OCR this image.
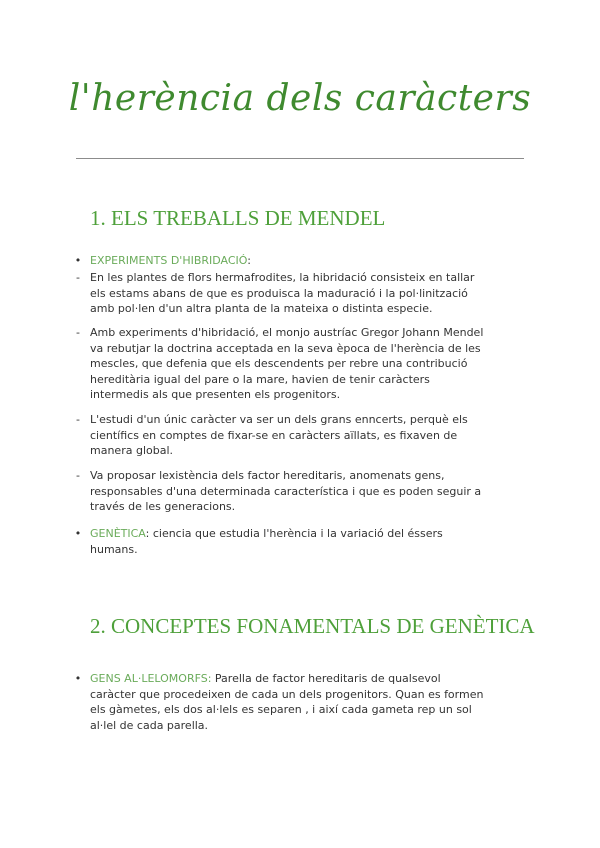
l'herència dels caràcters
1. ELS TREBALLS DE MENDEL
• EXPERIMENTS D'HIBRIDACIÓ:
- En les plantes de flors hermafrodites, la hibridació consisteix en tallar
els estams abans de que es produisca la maduració i la pol·linització
amb pol·len d'un altra planta de la mateixa o distinta especie.
- Amb experiments d'hibridació, el monjo austríac Gregor Johann Mendel
va rebutjar la doctrina acceptada en la seva època de l'herència de les
mescles, que defenia que els descendents per rebre una contribució
hereditària igual del pare o la mare, havien de tenir caràcters
intermedis als que presenten els progenitors.
- L'estudi d'un únic caràcter va ser un dels grans enncerts, perquè els
científics en comptes de fixar-se en caràcters aïllats, es fixaven de
manera global.
- Va proposar lexistència dels factor hereditaris, anomenats gens,
responsables d'una determinada característica i que es poden seguir a
través de les generacions.
• GENÈTICA: ciencia que estudia l'herència i la variació del éssers
humans.
2. CONCEPTES FONAMENTALS DE GENÈTICA
• GENS AL·LELOMORFS: Parella de factor hereditaris de qualsevol
caràcter que procedeixen de cada un dels progenitors. Quan es formen
els gàmetes, els dos al·lels es separen , i així cada gameta rep un sol
al·lel de cada parella.
